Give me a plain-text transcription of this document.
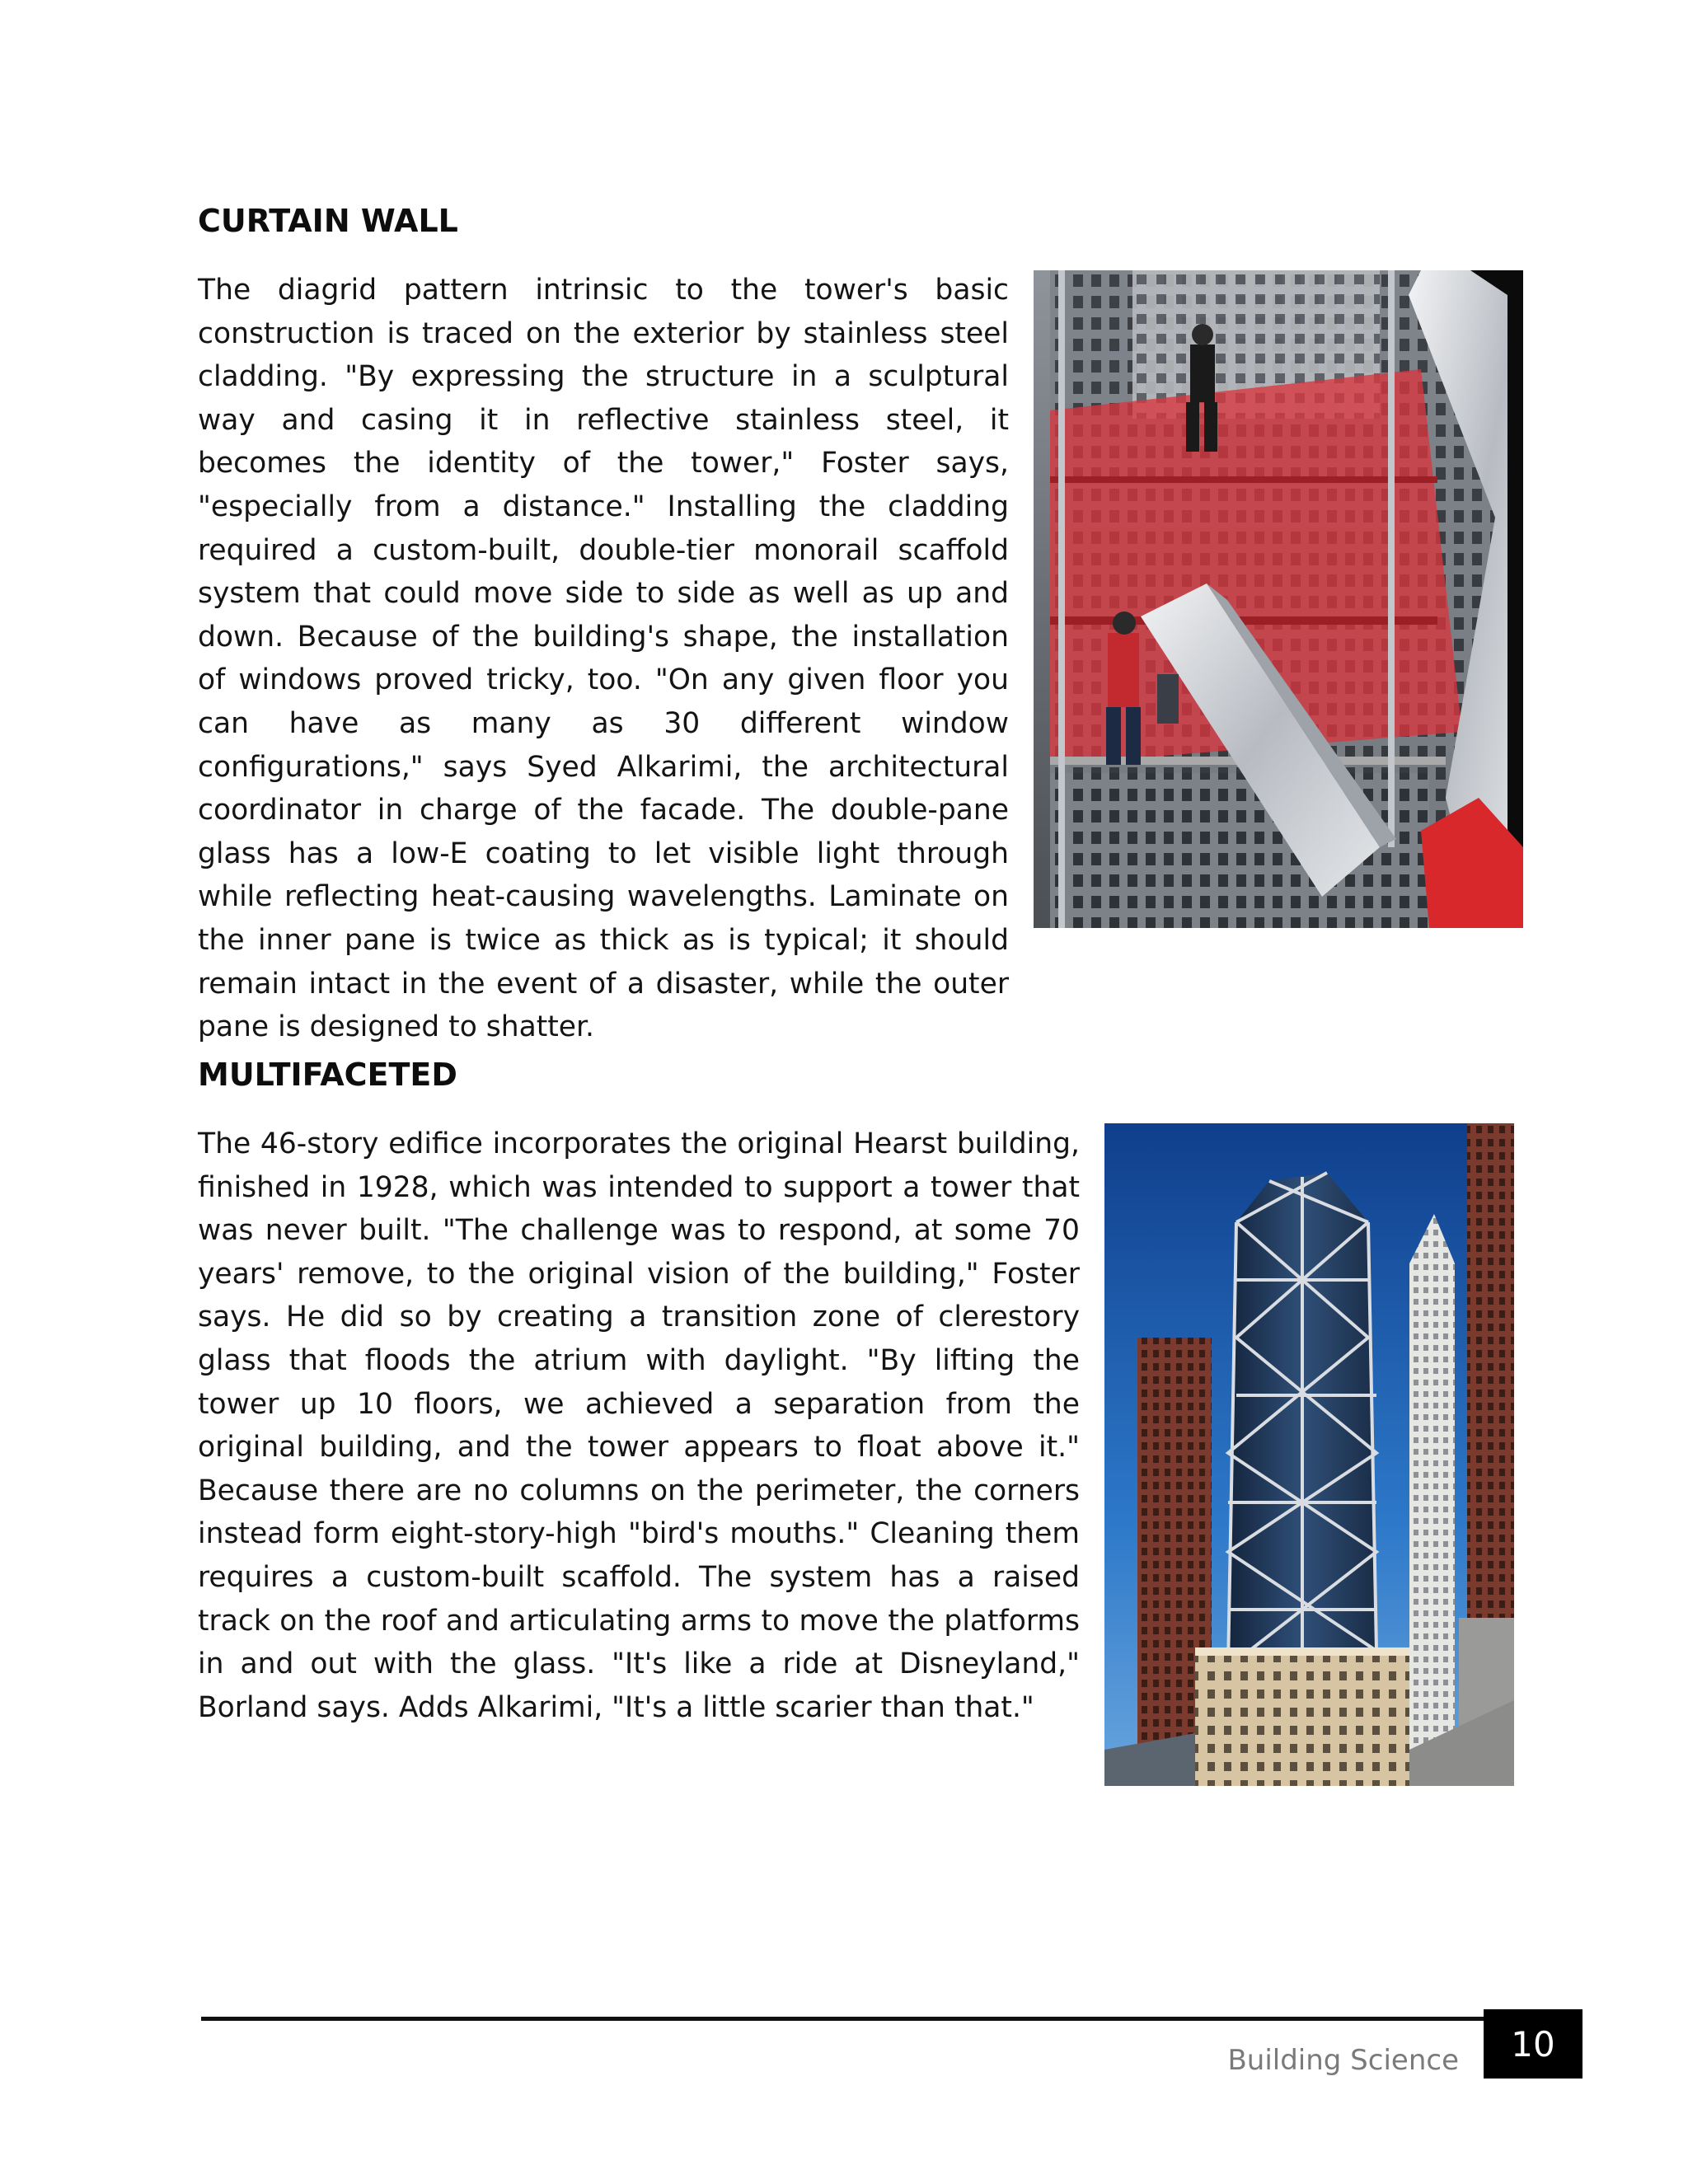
CURTAIN WALL

The diagrid pattern intrinsic to the tower's basic construction is traced on the exterior by stainless steel cladding. "By expressing the structure in a sculptural way and casing it in reflective stainless steel, it becomes the identity of the tower," Foster says, "especially from a distance." Installing the cladding required a custom-built, double-tier monorail scaffold system that could move side to side as well as up and down. Because of the building's shape, the installation of windows proved tricky, too. "On any given floor you can have as many as 30 different window configurations," says Syed Alkarimi, the architectural coordinator in charge of the facade. The double-pane glass has a low-E coating to let visible light through while reflecting heat-causing wavelengths. Laminate on the inner pane is twice as thick as is typical; it should remain intact in the event of a disaster, while the outer pane is designed to shatter.

MULTIFACETED

The 46-story edifice incorporates the original Hearst building, finished in 1928, which was intended to support a tower that was never built. "The challenge was to respond, at some 70 years' remove, to the original vision of the building," Foster says. He did so by creating a transition zone of clerestory glass that floods the atrium with daylight. "By lifting the tower up 10 floors, we achieved a separation from the original building, and the tower appears to float above it." Because there are no columns on the perimeter, the corners instead form eight-story-high "bird's mouths." Cleaning them requires a custom-built scaffold. The system has a raised track on the roof and articulating arms to move the platforms in and out with the glass. "It's like a ride at Disneyland," Borland says. Adds Alkarimi, "It's a little scarier than that."

Building Science 10
